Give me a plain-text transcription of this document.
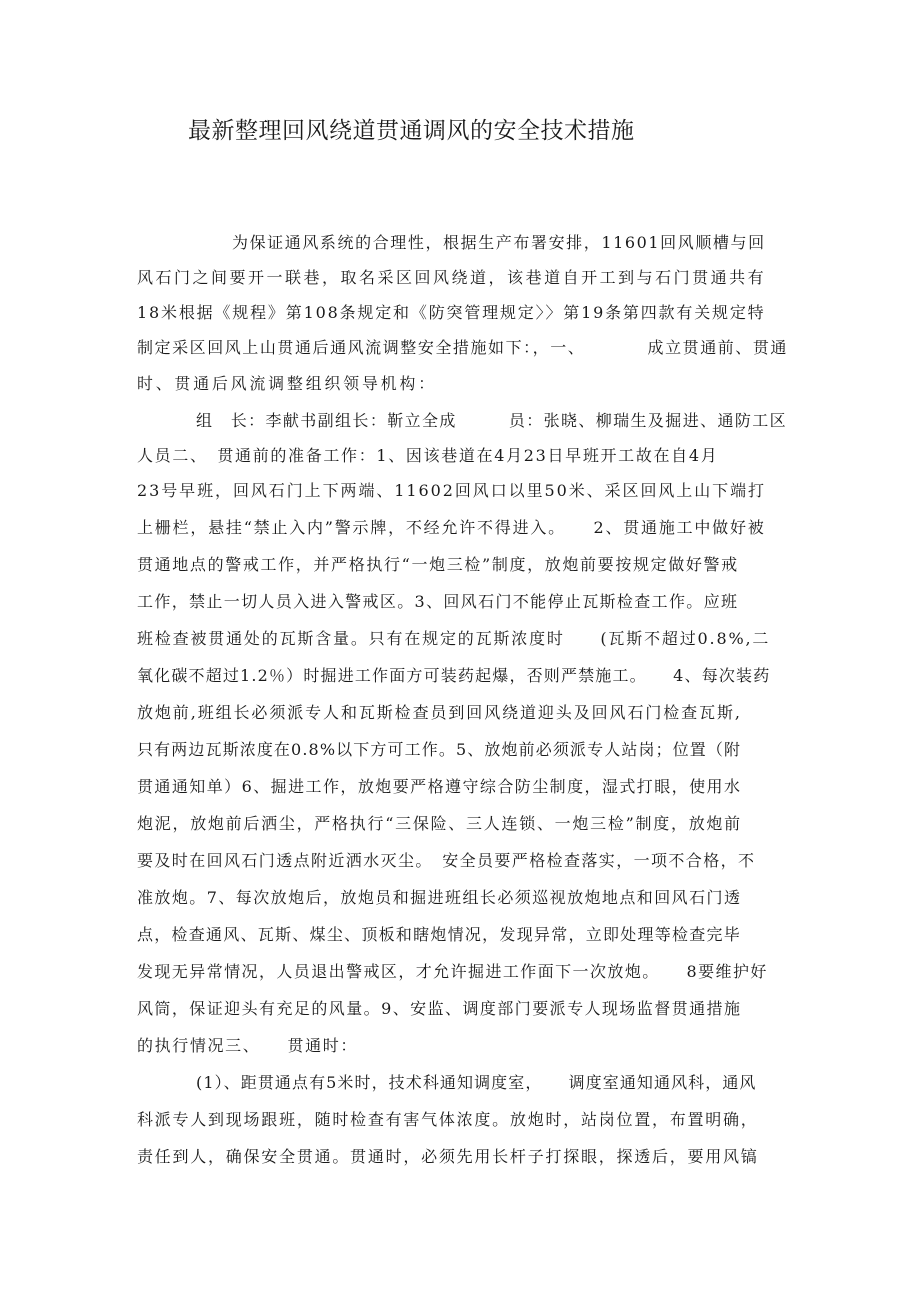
最新整理回风绕道贯通调风的安全技术措施
为保证通风系统的合理性，根据生产布署安排，11601回风顺槽与回
风石门之间要开一联巷，取名采区回风绕道，该巷道自开工到与石门贯通共有
18米根据《规程》第108条规定和《防突管理规定〉〉第19条第四款有关规定特
制定采区回风上山贯通后通风流调整安全措施如下：，一、　　　　成立贯通前、贯通
时、贯通后风流调整组织领导机构：
组　长：李献书副组长：靳立全成　　　员：张晓、柳瑞生及掘进、通防工区
人员二、　贯通前的准备工作：1、因该巷道在4月23日早班开工故在自4月
23号早班，回风石门上下两端、11602回风口以里50米、采区回风上山下端打
上栅栏，悬挂“禁止入内”警示牌，不经允许不得进入。　　2、贯通施工中做好被
贯通地点的警戒工作，并严格执行“一炮三检”制度，放炮前要按规定做好警戒
工作，禁止一切人员入进入警戒区。3、回风石门不能停止瓦斯检查工作。应班
班检查被贯通处的瓦斯含量。只有在规定的瓦斯浓度时　　(瓦斯不超过0.8%,二
氧化碳不超过1.2％）时掘进工作面方可装药起爆，否则严禁施工。　　4、每次装药
放炮前,班组长必须派专人和瓦斯检查员到回风绕道迎头及回风石门检查瓦斯,
只有两边瓦斯浓度在0.8%以下方可工作。5、放炮前必须派专人站岗；位置（附
贯通通知单）6、掘进工作，放炮要严格遵守综合防尘制度，湿式打眼，使用水
炮泥，放炮前后洒尘，严格执行“三保险、三人连锁、一炮三检”制度，放炮前
要及时在回风石门透点附近洒水灭尘。　安全员要严格检查落实，一项不合格，不
准放炮。7、每次放炮后，放炮员和掘进班组长必须巡视放炮地点和回风石门透
点，检查通风、瓦斯、煤尘、顶板和瞎炮情况，发现异常，立即处理等检查完毕
发现无异常情况，人员退出警戒区，才允许掘进工作面下一次放炮。　　8要维护好
风筒，保证迎头有充足的风量。9、安监、调度部门要派专人现场监督贯通措施
的执行情况三、　　贯通时：
(1）、距贯通点有5米时，技术科通知调度室，　　调度室通知通风科，通风
科派专人到现场跟班，随时检查有害气体浓度。放炮时，站岗位置，布置明确，
责任到人，确保安全贯通。贯通时，必须先用长杆子打探眼，探透后，要用风镐
